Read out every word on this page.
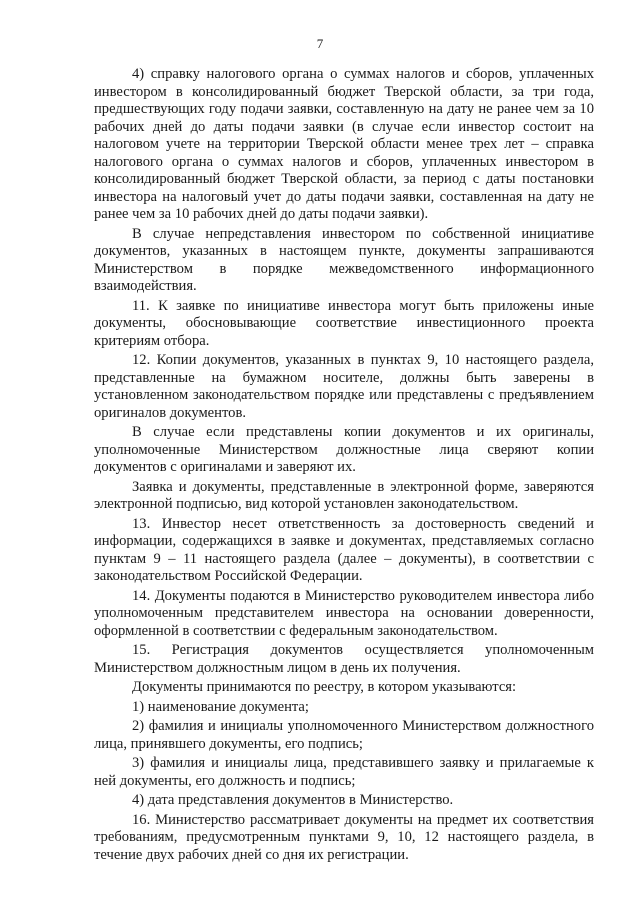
7

4) справку налогового органа о суммах налогов и сборов, уплаченных инвестором в консолидированный бюджет Тверской области, за три года, предшествующих году подачи заявки, составленную на дату не ранее чем за 10 рабочих дней до даты подачи заявки (в случае если инвестор состоит на налоговом учете на территории Тверской области менее трех лет – справка налогового органа о суммах налогов и сборов, уплаченных инвестором в консолидированный бюджет Тверской области, за период с даты постановки инвестора на налоговый учет до даты подачи заявки, составленная на дату не ранее чем за 10 рабочих дней до даты подачи заявки).

В случае непредставления инвестором по собственной инициативе документов, указанных в настоящем пункте, документы запрашиваются Министерством в порядке межведомственного информационного взаимодействия.

11. К заявке по инициативе инвестора могут быть приложены иные документы, обосновывающие соответствие инвестиционного проекта критериям отбора.

12. Копии документов, указанных в пунктах 9, 10 настоящего раздела, представленные на бумажном носителе, должны быть заверены в установленном законодательством порядке или представлены с предъявлением оригиналов документов.

В случае если представлены копии документов и их оригиналы, уполномоченные Министерством должностные лица сверяют копии документов с оригиналами и заверяют их.

Заявка и документы, представленные в электронной форме, заверяются электронной подписью, вид которой установлен законодательством.

13. Инвестор несет ответственность за достоверность сведений и информации, содержащихся в заявке и документах, представляемых согласно пунктам 9 – 11 настоящего раздела (далее – документы), в соответствии с законодательством Российской Федерации.

14. Документы подаются в Министерство руководителем инвестора либо уполномоченным представителем инвестора на основании доверенности, оформленной в соответствии с федеральным законодательством.

15. Регистрация документов осуществляется уполномоченным Министерством должностным лицом в день их получения.

Документы принимаются по реестру, в котором указываются:

1) наименование документа;

2) фамилия и инициалы уполномоченного Министерством должностного лица, принявшего документы, его подпись;

3) фамилия и инициалы лица, представившего заявку и прилагаемые к ней документы, его должность и подпись;

4) дата представления документов в Министерство.

16. Министерство рассматривает документы на предмет их соответствия требованиям, предусмотренным пунктами 9, 10, 12 настоящего раздела, в течение двух рабочих дней со дня их регистрации.
